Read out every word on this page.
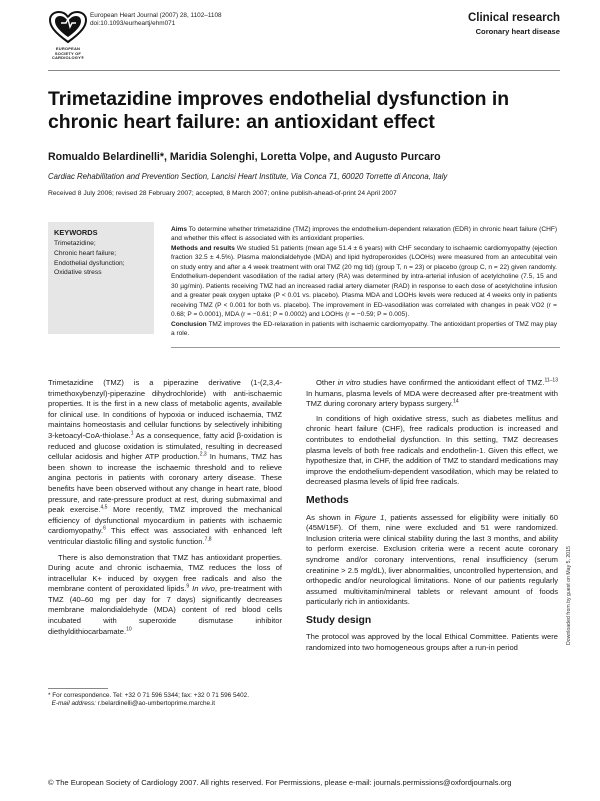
EUROPEAN SOCIETY OF CARDIOLOGY®
European Heart Journal (2007) 28, 1102–1108
doi:10.1093/eurheartj/ehm071	Clinical research
Coronary heart disease
Trimetazidine improves endothelial dysfunction in chronic heart failure: an antioxidant effect
Romualdo Belardinelli*, Maridia Solenghi, Loretta Volpe, and Augusto Purcaro
Cardiac Rehabilitation and Prevention Section, Lancisi Heart Institute, Via Conca 71, 60020 Torrette di Ancona, Italy
Received 8 July 2006; revised 28 February 2007; accepted, 8 March 2007; online publish-ahead-of-print 24 April 2007
KEYWORDS
Trimetazidine;
Chronic heart failure;
Endothelial dysfunction;
Oxidative stress
Aims To determine whether trimetazidine (TMZ) improves the endothelium-dependent relaxation (EDR) in chronic heart failure (CHF) and whether this effect is associated with its antioxidant properties.
Methods and results We studied 51 patients (mean age 51.4 ± 6 years) with CHF secondary to ischaemic cardiomyopathy (ejection fraction 32.5 ± 4.5%). Plasma malondialdehyde (MDA) and lipid hydroperoxides (LOOHs) were measured from an antecubital vein on study entry and after a 4 week treatment with oral TMZ (20 mg tid) (group T, n = 23) or placebo (group C, n = 22) given randomly. Endothelium-dependent vasodilation of the radial artery (RA) was determined by intra-arterial infusion of acetylcholine (7.5, 15 and 30 µg/min). Patients receiving TMZ had an increased radial artery diameter (RAD) in response to each dose of acetylcholine infusion and a greater peak oxygen uptake (P < 0.01 vs. placebo). Plasma MDA and LOOHs levels were reduced at 4 weeks only in patients receiving TMZ (P < 0.001 for both vs. placebo). The improvement in ED-vasodilation was correlated with changes in peak VO2 (r = 0.68; P = 0.0001), MDA (r = −0.61; P = 0.0002) and LOOHs (r = −0.59; P = 0.005).
Conclusion TMZ improves the ED-relaxation in patients with ischaemic cardiomyopathy. The antioxidant properties of TMZ may play a role.

Trimetazidine (TMZ) is a piperazine derivative (1-(2,3,4-trimethoxybenzyl)-piperazine dihydrochloride) with anti-ischaemic properties. It is the first in a new class of metabolic agents, available for clinical use. In conditions of hypoxia or induced ischaemia, TMZ maintains homeostasis and cellular functions by selectively inhibiting 3-ketoacyl-CoA-thiolase.$^1$ As a consequence, fatty acid β-oxidation is reduced and glucose oxidation is stimulated, resulting in decreased cellular acidosis and higher ATP production.$^{2,3}$ In humans, TMZ has been shown to increase the ischaemic threshold and to relieve angina pectoris in patients with coronary artery disease. These benefits have been observed without any change in heart rate, blood pressure, and rate-pressure product at rest, during submaximal and peak exercise.$^{4,5}$ More recently, TMZ improved the mechanical efficiency of dysfunctional myocardium in patients with ischaemic cardiomyopathy.$^6$ This effect was associated with enhanced left ventricular diastolic filling and systolic function.$^{7,8}$

There is also demonstration that TMZ has antioxidant properties. During acute and chronic ischaemia, TMZ reduces the loss of intracellular K+ induced by oxygen free radicals and also the membrane content of peroxidated lipids.$^9$ In vivo, pre-treatment with TMZ (40–60 mg per day for 7 days) significantly decreases membrane malondialdehyde (MDA) content of red blood cells incubated with superoxide dismutase inhibitor diethyldithiocarbamate.$^{10}$

Other in vitro studies have confirmed the antioxidant effect of TMZ.$^{11-13}$ In humans, plasma levels of MDA were decreased after pre-treatment with TMZ during coronary artery bypass surgery.$^{14}$

In conditions of high oxidative stress, such as diabetes mellitus and chronic heart failure (CHF), free radicals production is increased and contributes to endothelial dysfunction. In this setting, TMZ decreases plasma levels of both free radicals and endothelin-1. Given this effect, we hypothesize that, in CHF, the addition of TMZ to standard medications may improve the endothelium-dependent vasodilation, which may be related to decreased plasma levels of lipid free radicals.

Methods

As shown in Figure 1, patients assessed for eligibility were initially 60 (45M/15F). Of them, nine were excluded and 51 were randomized. Inclusion criteria were clinical stability during the last 3 months, and ability to perform exercise. Exclusion criteria were a recent acute coronary syndrome and/or coronary interventions, renal insufficiency (serum creatinine > 2.5 mg/dL), liver abnormalities, uncontrolled hypertension, and orthopedic and/or neurological limitations. None of our patients regularly assumed multivitamin/mineral tablets or relevant amount of foods particularly rich in antioxidants.

Study design

The protocol was approved by the local Ethical Committee. Patients were randomized into two homogeneous groups after a run-in period

* For correspondence. Tel: +32 0 71 596 5344; fax: +32 0 71 596 5402.
E-mail address: r.belardinelli@ao-umbertoprime.marche.it
© The European Society of Cardiology 2007. All rights reserved. For Permissions, please e-mail: journals.permissions@oxfordjournals.org
Downloaded from by guest on May 5, 2015
